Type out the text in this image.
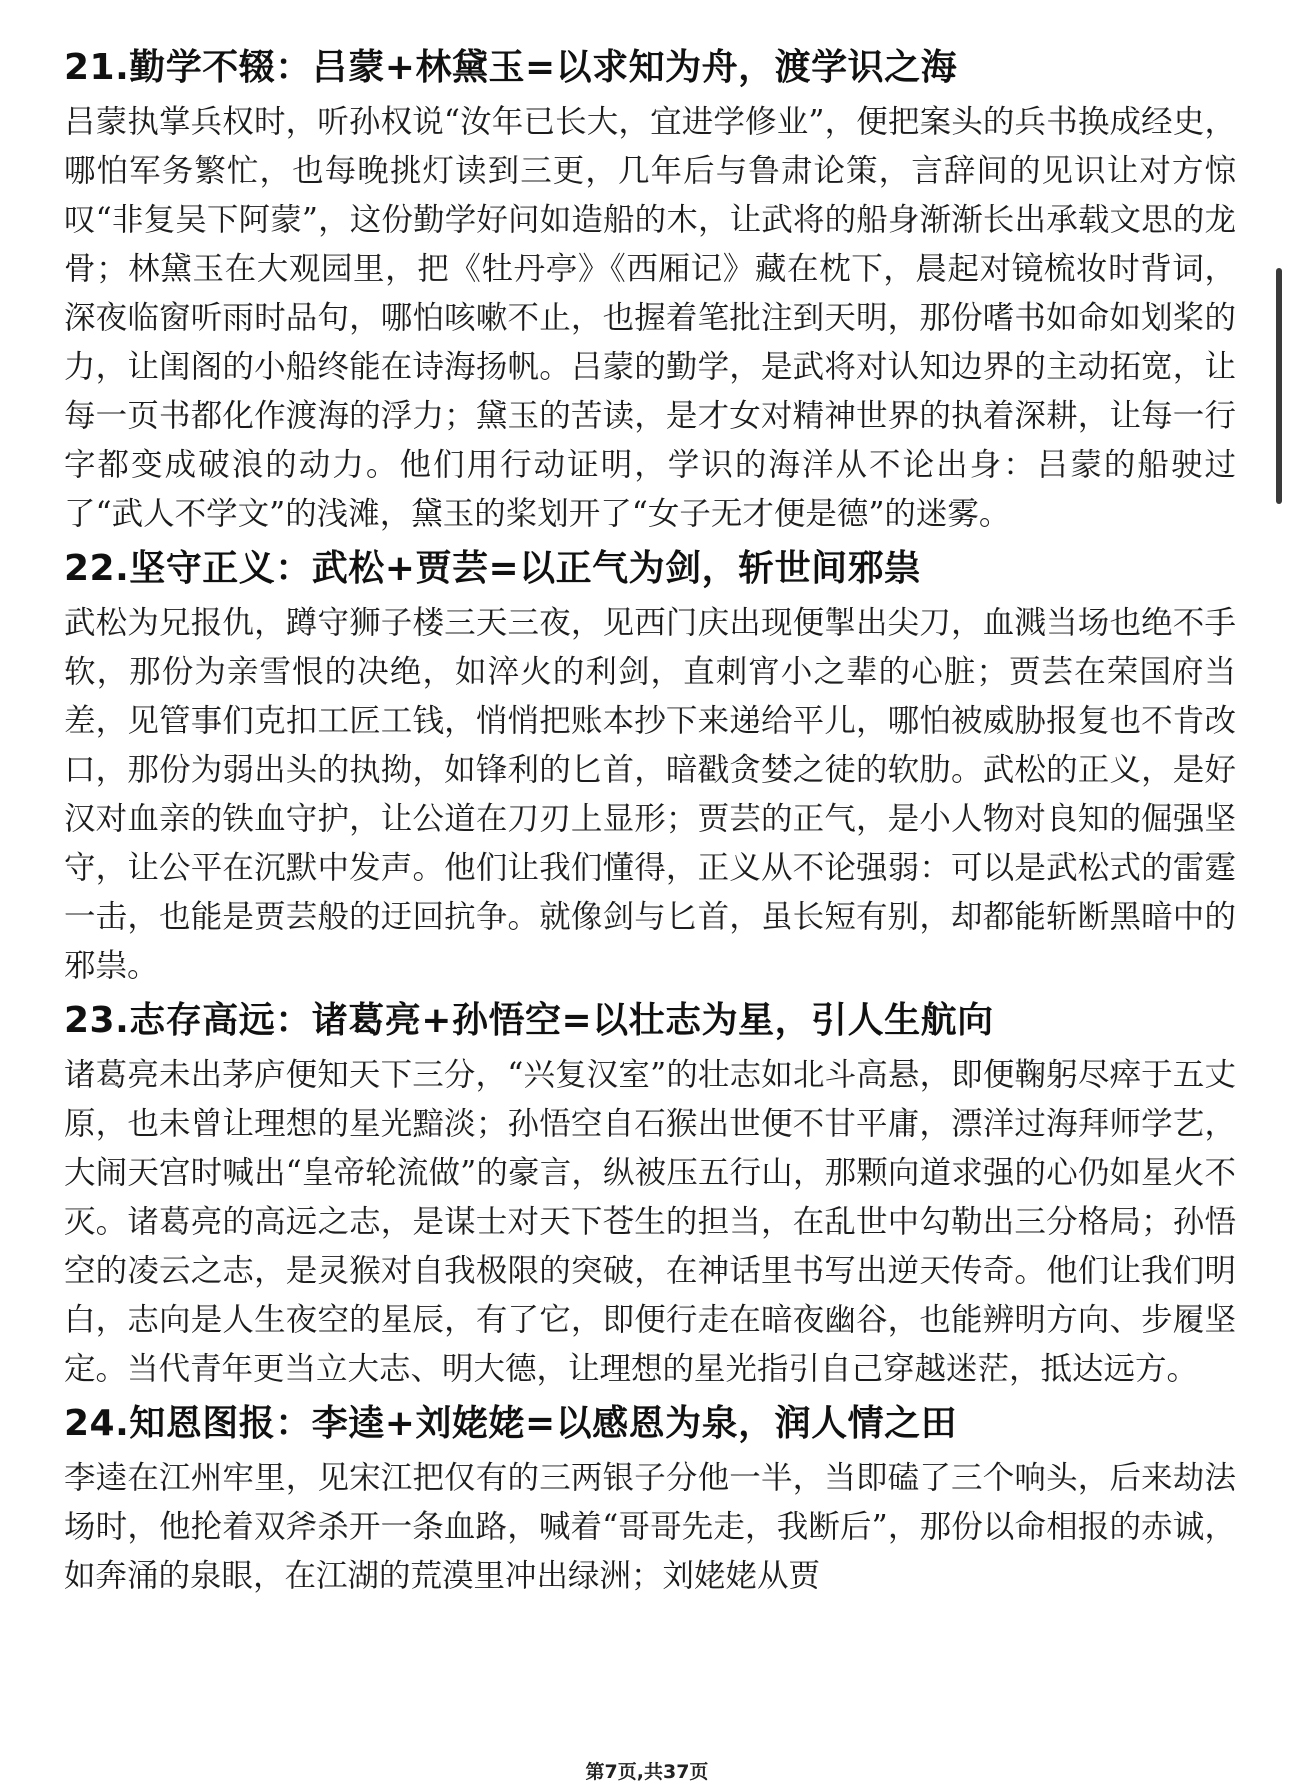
21.勤学不辍：吕蒙+林黛玉=以求知为舟，渡学识之海

吕蒙执掌兵权时，听孙权说“汝年已长大，宜进学修业”，便把案头的兵书换成经史，哪怕军务繁忙，也每晚挑灯读到三更，几年后与鲁肃论策，言辞间的见识让对方惊叹“非复吴下阿蒙”，这份勤学好问如造船的木，让武将的船身渐渐长出承载文思的龙骨；林黛玉在大观园里，把《牡丹亭》《西厢记》藏在枕下，晨起对镜梳妆时背词，深夜临窗听雨时品句，哪怕咳嗽不止，也握着笔批注到天明，那份嗜书如命如划桨的力，让闺阁的小船终能在诗海扬帆。吕蒙的勤学，是武将对认知边界的主动拓宽，让每一页书都化作渡海的浮力；黛玉的苦读，是才女对精神世界的执着深耕，让每一行字都变成破浪的动力。他们用行动证明，学识的海洋从不论出身：吕蒙的船驶过了“武人不学文”的浅滩，黛玉的桨划开了“女子无才便是德”的迷雾。

22.坚守正义：武松+贾芸=以正气为剑，斩世间邪祟

武松为兄报仇，蹲守狮子楼三天三夜，见西门庆出现便掣出尖刀，血溅当场也绝不手软，那份为亲雪恨的决绝，如淬火的利剑，直刺宵小之辈的心脏；贾芸在荣国府当差，见管事们克扣工匠工钱，悄悄把账本抄下来递给平儿，哪怕被威胁报复也不肯改口，那份为弱出头的执拗，如锋利的匕首，暗戳贪婪之徒的软肋。武松的正义，是好汉对血亲的铁血守护，让公道在刀刃上显形；贾芸的正气，是小人物对良知的倔强坚守，让公平在沉默中发声。他们让我们懂得，正义从不论强弱：可以是武松式的雷霆一击，也能是贾芸般的迂回抗争。就像剑与匕首，虽长短有别，却都能斩断黑暗中的邪祟。

23.志存高远：诸葛亮+孙悟空=以壮志为星，引人生航向

诸葛亮未出茅庐便知天下三分，“兴复汉室”的壮志如北斗高悬，即便鞠躬尽瘁于五丈原，也未曾让理想的星光黯淡；孙悟空自石猴出世便不甘平庸，漂洋过海拜师学艺，大闹天宫时喊出“皇帝轮流做”的豪言，纵被压五行山，那颗向道求强的心仍如星火不灭。诸葛亮的高远之志，是谋士对天下苍生的担当，在乱世中勾勒出三分格局；孙悟空的凌云之志，是灵猴对自我极限的突破，在神话里书写出逆天传奇。他们让我们明白，志向是人生夜空的星辰，有了它，即便行走在暗夜幽谷，也能辨明方向、步履坚定。当代青年更当立大志、明大德，让理想的星光指引自己穿越迷茫，抵达远方。

24.知恩图报：李逵+刘姥姥=以感恩为泉，润人情之田

李逵在江州牢里，见宋江把仅有的三两银子分他一半，当即磕了三个响头，后来劫法场时，他抡着双斧杀开一条血路，喊着“哥哥先走，我断后”，那份以命相报的赤诚，如奔涌的泉眼，在江湖的荒漠里冲出绿洲；刘姥姥从贾

第7页,共37页
